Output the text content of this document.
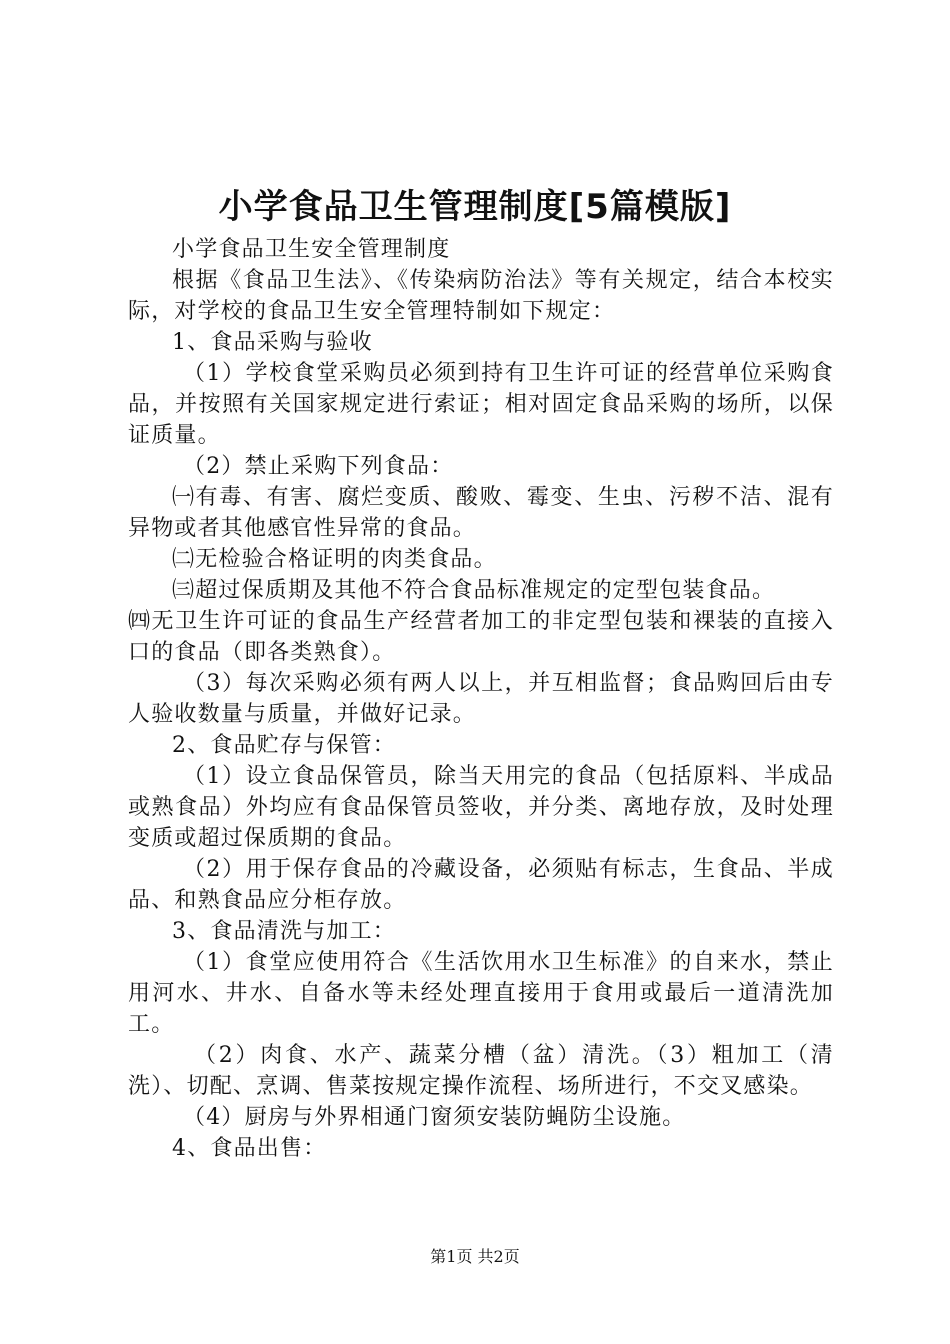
小学食品卫生管理制度[5篇模版]

小学食品卫生安全管理制度

根据《食品卫生法》、《传染病防治法》等有关规定，结合本校实际，对学校的食品卫生安全管理特制如下规定：

1、食品采购与验收

（1）学校食堂采购员必须到持有卫生许可证的经营单位采购食品，并按照有关国家规定进行索证；相对固定食品采购的场所，以保证质量。

（2）禁止采购下列食品：

㈠有毒、有害、腐烂变质、酸败、霉变、生虫、污秽不洁、混有异物或者其他感官性异常的食品。

㈡无检验合格证明的肉类食品。

㈢超过保质期及其他不符合食品标准规定的定型包装食品。

㈣无卫生许可证的食品生产经营者加工的非定型包装和裸装的直接入口的食品（即各类熟食）。

（3）每次采购必须有两人以上，并互相监督；食品购回后由专人验收数量与质量，并做好记录。

2、食品贮存与保管：

（1）设立食品保管员，除当天用完的食品（包括原料、半成品或熟食品）外均应有食品保管员签收，并分类、离地存放，及时处理变质或超过保质期的食品。

（2）用于保存食品的冷藏设备，必须贴有标志，生食品、半成品、和熟食品应分柜存放。

3、食品清洗与加工：

（1）食堂应使用符合《生活饮用水卫生标准》的自来水，禁止用河水、井水、自备水等未经处理直接用于食用或最后一道清洗加工。

（2）肉食、水产、蔬菜分槽（盆）清洗。（3）粗加工（清洗）、切配、烹调、售菜按规定操作流程、场所进行，不交叉感染。

（4）厨房与外界相通门窗须安装防蝇防尘设施。

4、食品出售：

第1页 共2页
